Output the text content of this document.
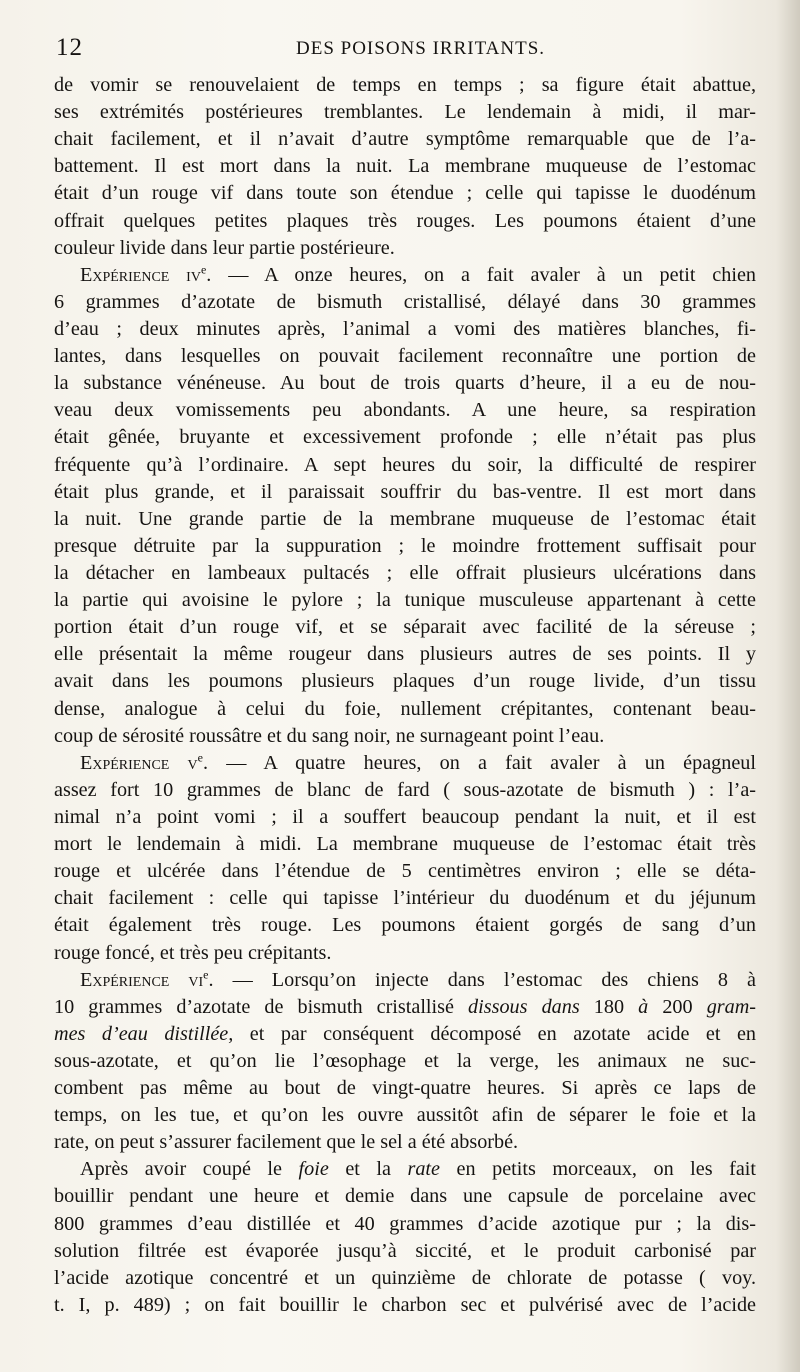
12	DES POISONS IRRITANTS.
de vomir se renouvelaient de temps en temps ; sa figure était abattue,
ses extrémités postérieures tremblantes. Le lendemain à midi, il mar-
chait facilement, et il n’avait d’autre symptôme remarquable que de l’a-
battement. Il est mort dans la nuit. La membrane muqueuse de l’estomac
était d’un rouge vif dans toute son étendue ; celle qui tapisse le duodénum
offrait quelques petites plaques très rouges. Les poumons étaient d’une
couleur livide dans leur partie postérieure.
Expérience $iv^e$. — A onze heures, on a fait avaler à un petit chien
6 grammes d’azotate de bismuth cristallisé, délayé dans 30 grammes
d’eau ; deux minutes après, l’animal a vomi des matières blanches, fi-
lantes, dans lesquelles on pouvait facilement reconnaître une portion de
la substance vénéneuse. Au bout de trois quarts d’heure, il a eu de nou-
veau deux vomissements peu abondants. A une heure, sa respiration
était gênée, bruyante et excessivement profonde ; elle n’était pas plus
fréquente qu’à l’ordinaire. A sept heures du soir, la difficulté de respirer
était plus grande, et il paraissait souffrir du bas-ventre. Il est mort dans
la nuit. Une grande partie de la membrane muqueuse de l’estomac était
presque détruite par la suppuration ; le moindre frottement suffisait pour
la détacher en lambeaux pultacés ; elle offrait plusieurs ulcérations dans
la partie qui avoisine le pylore ; la tunique musculeuse appartenant à cette
portion était d’un rouge vif, et se séparait avec facilité de la séreuse ;
elle présentait la même rougeur dans plusieurs autres de ses points. Il y
avait dans les poumons plusieurs plaques d’un rouge livide, d’un tissu
dense, analogue à celui du foie, nullement crépitantes, contenant beau-
coup de sérosité roussâtre et du sang noir, ne surnageant point l’eau.
Expérience $v^e$. — A quatre heures, on a fait avaler à un épagneul
assez fort 10 grammes de blanc de fard ( sous-azotate de bismuth ) : l’a-
nimal n’a point vomi ; il a souffert beaucoup pendant la nuit, et il est
mort le lendemain à midi. La membrane muqueuse de l’estomac était très
rouge et ulcérée dans l’étendue de 5 centimètres environ ; elle se déta-
chait facilement : celle qui tapisse l’intérieur du duodénum et du jéjunum
était également très rouge. Les poumons étaient gorgés de sang d’un
rouge foncé, et très peu crépitants.
Expérience $vi^e$. — Lorsqu’on injecte dans l’estomac des chiens 8 à
10 grammes d’azotate de bismuth cristallisé dissous dans 180 à 200 gram-
mes d’eau distillée, et par conséquent décomposé en azotate acide et en
sous-azotate, et qu’on lie l’œsophage et la verge, les animaux ne suc-
combent pas même au bout de vingt-quatre heures. Si après ce laps de
temps, on les tue, et qu’on les ouvre aussitôt afin de séparer le foie et la
rate, on peut s’assurer facilement que le sel a été absorbé.
Après avoir coupé le foie et la rate en petits morceaux, on les fait
bouillir pendant une heure et demie dans une capsule de porcelaine avec
800 grammes d’eau distillée et 40 grammes d’acide azotique pur ; la dis-
solution filtrée est évaporée jusqu’à siccité, et le produit carbonisé par
l’acide azotique concentré et un quinzième de chlorate de potasse ( voy.
t. I, p. 489) ; on fait bouillir le charbon sec et pulvérisé avec de l’acide
